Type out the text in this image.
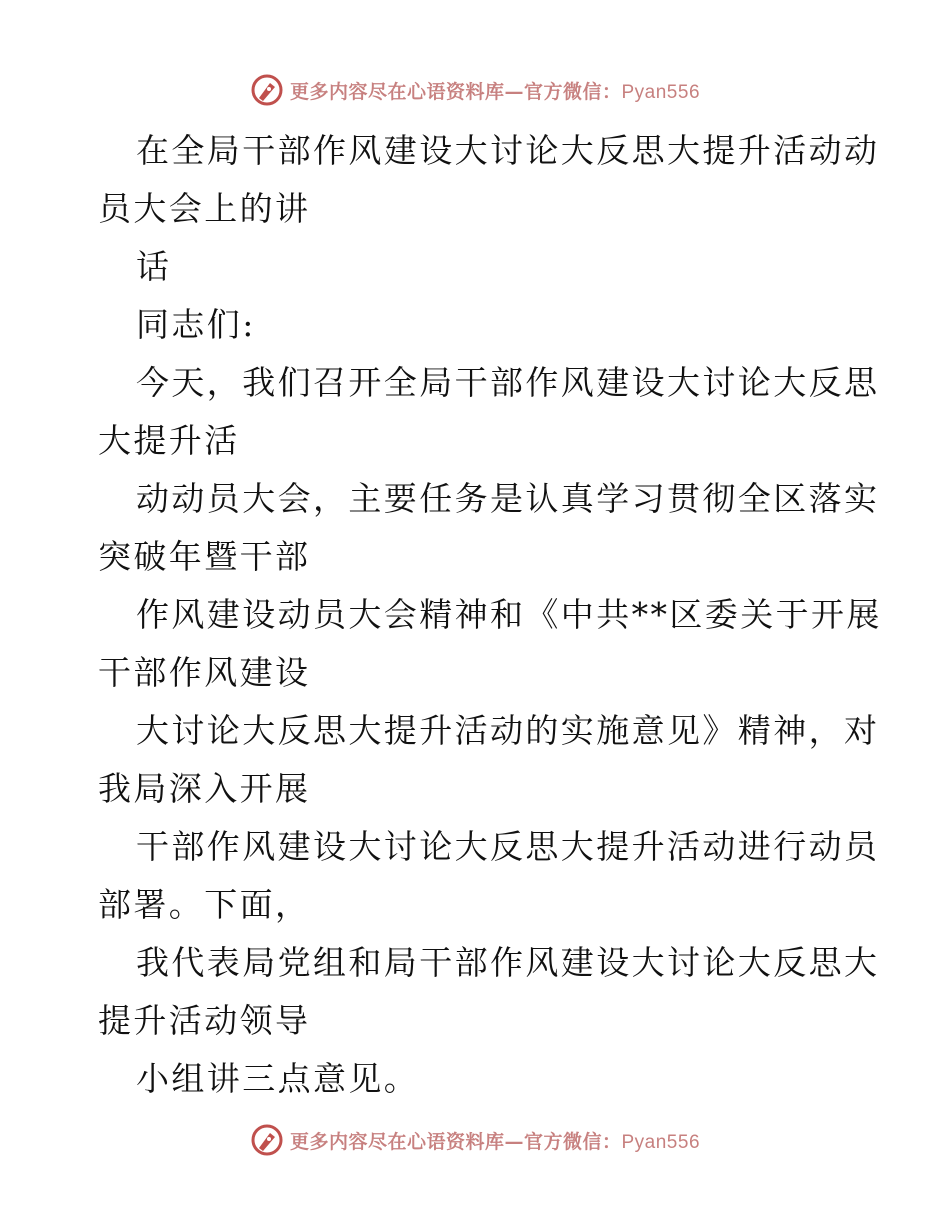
更多内容尽在心语资料库—官方微信：Pyan556
在全局干部作风建设大讨论大反思大提升活动动
员大会上的讲
话
同志们:
今天，我们召开全局干部作风建设大讨论大反思
大提升活
动动员大会，主要任务是认真学习贯彻全区落实
突破年暨干部
作风建设动员大会精神和《中共**区委关于开展
干部作风建设
大讨论大反思大提升活动的实施意见》精神，对
我局深入开展
干部作风建设大讨论大反思大提升活动进行动员
部署。下面，
我代表局党组和局干部作风建设大讨论大反思大
提升活动领导
小组讲三点意见。
更多内容尽在心语资料库—官方微信：Pyan556
